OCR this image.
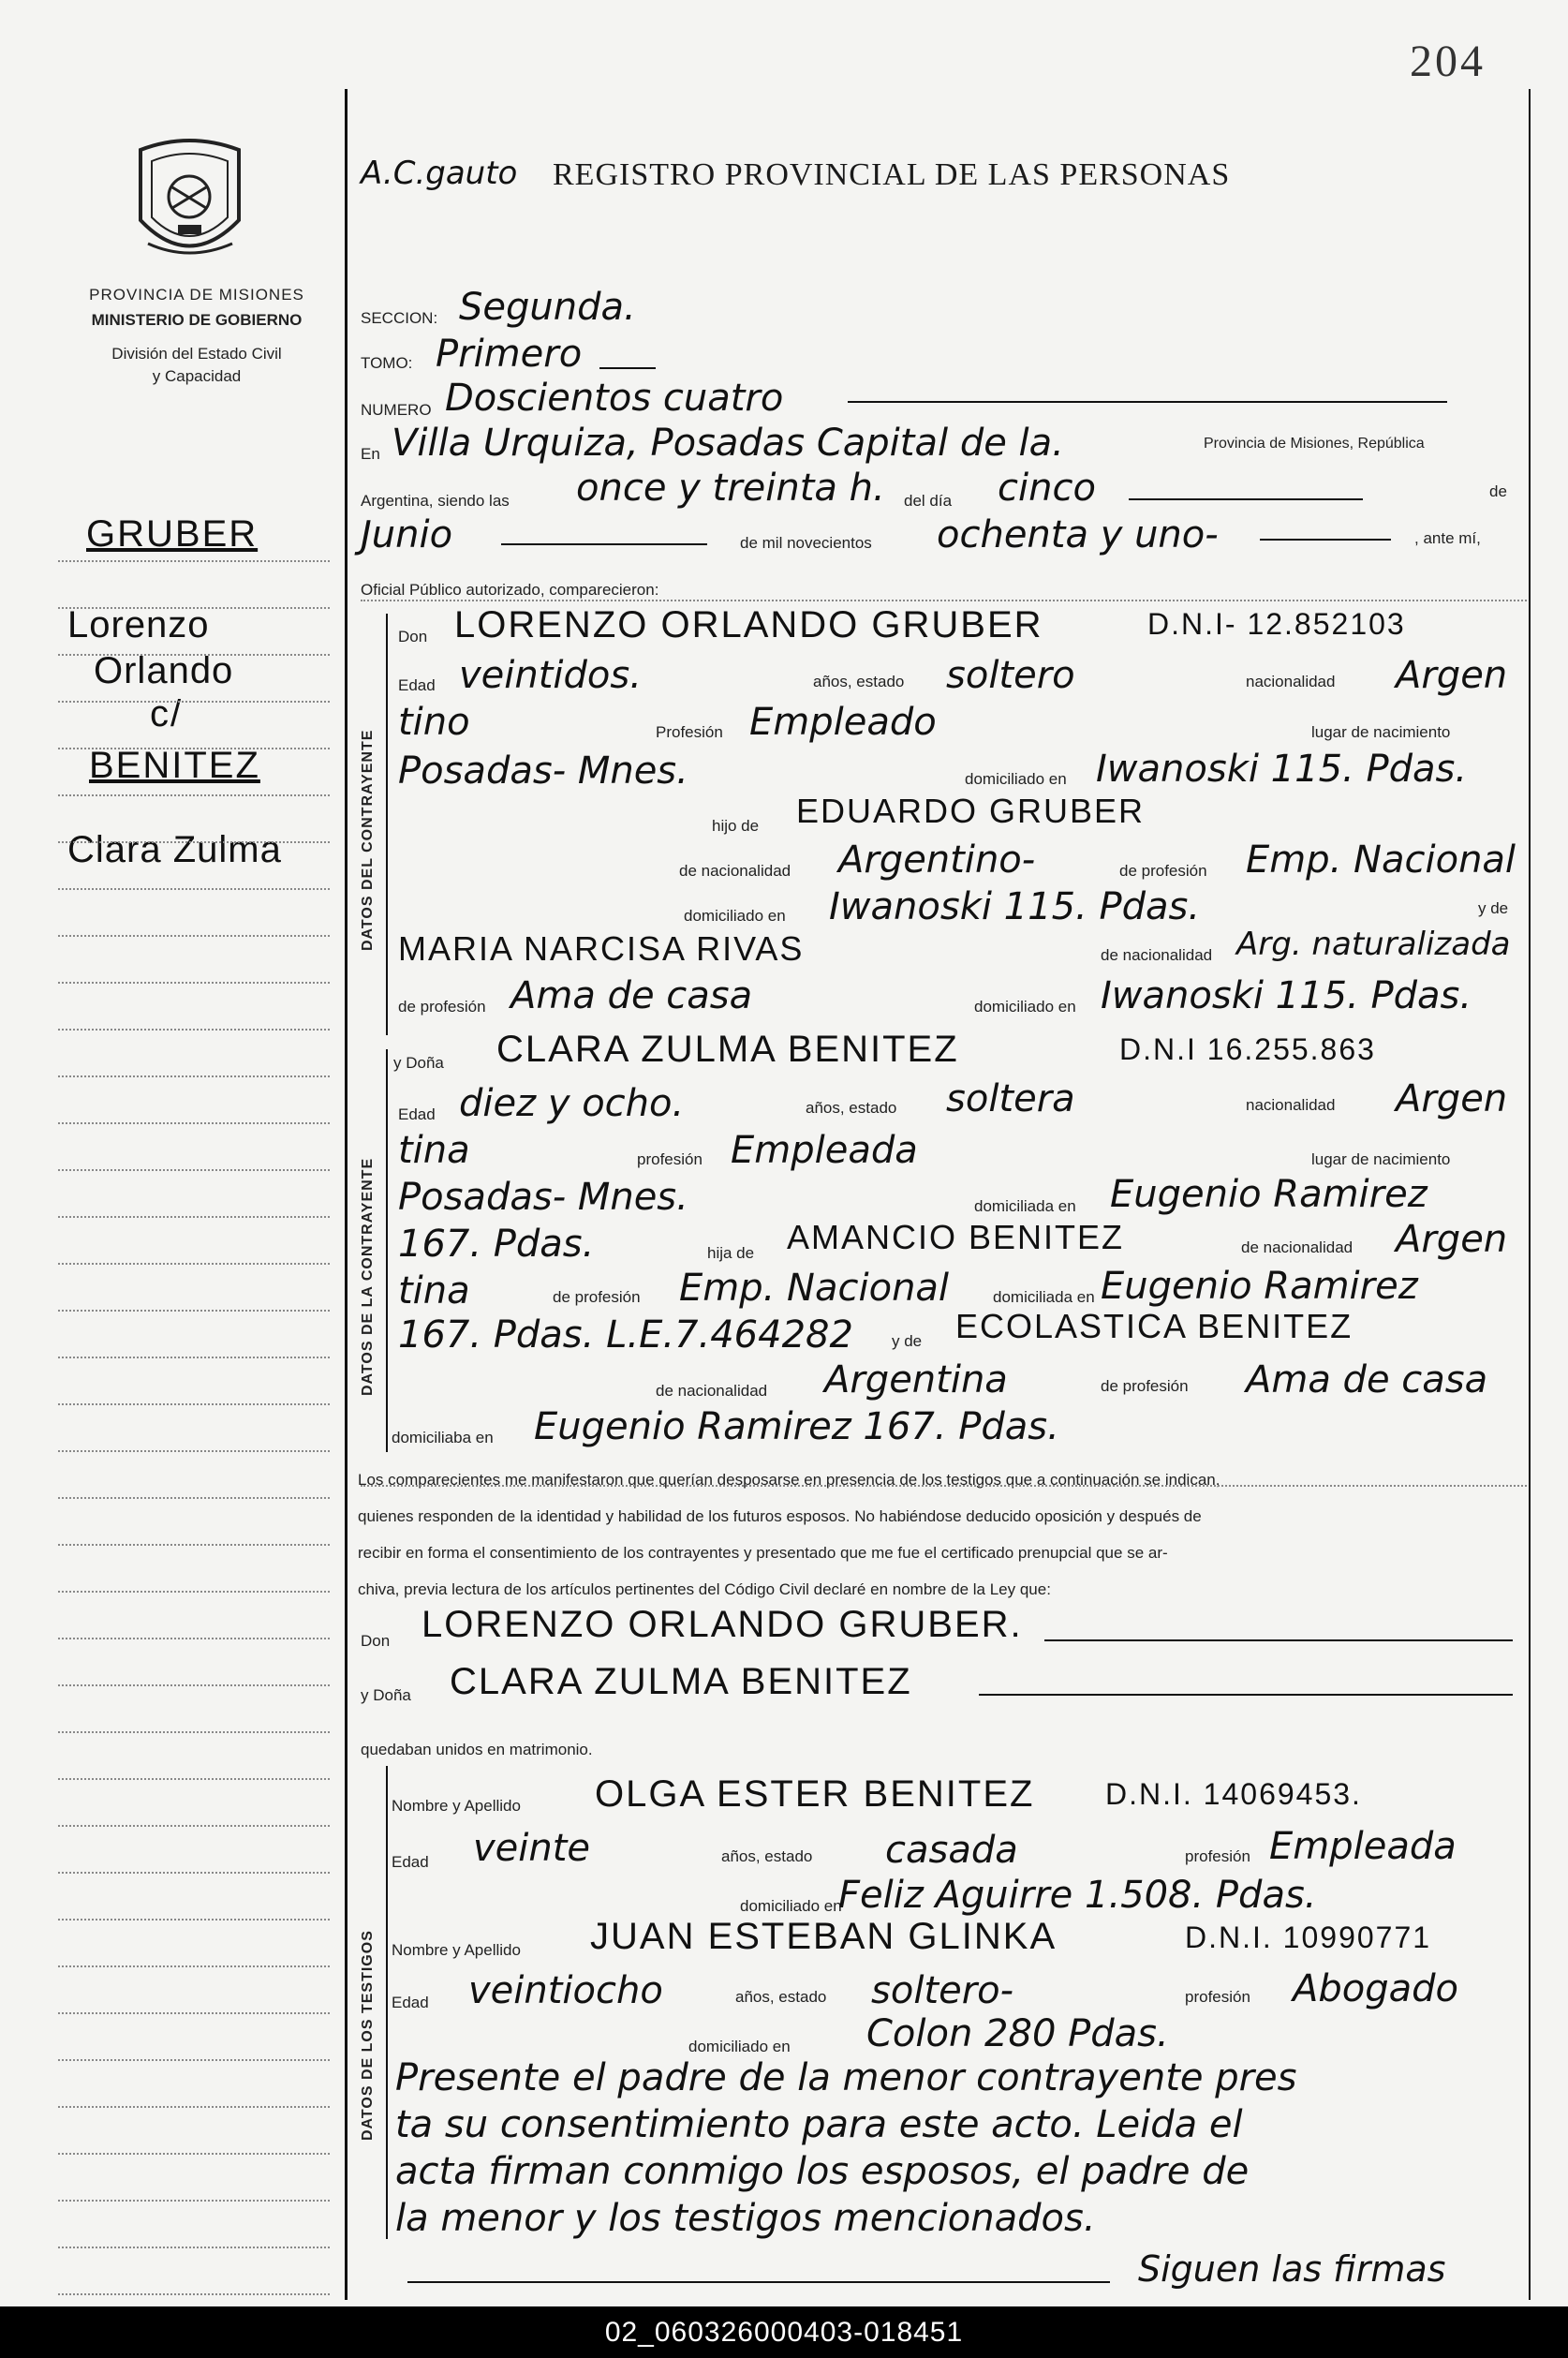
204
PROVINCIA DE MISIONES
MINISTERIO DE GOBIERNO
División del Estado Civil
y Capacidad
GRUBER
Lorenzo
Orlando
c/
BENITEZ
Clara Zulma
A.C.gauto REGISTRO PROVINCIAL DE LAS PERSONAS
SECCION: Segunda.
TOMO: Primero
NUMERO Doscientos cuatro
En Villa Urquiza, Posadas Capital de la.	Provincia de Misiones, República
Argentina, siendo las once y treinta h. del día cinco	de
Junio	de mil novecientos ochenta y uno-	, ante mí,
Oficial Público autorizado, comparecieron:
DATOS DEL CONTRAYENTE
Don LORENZO ORLANDO GRUBER	D.N.I- 12.852103
Edad veintidos.	años, estado soltero	nacionalidad Argen
tino	Profesión Empleado	lugar de nacimiento
Posadas- Mnes.	domiciliado en Iwanoski 115. Pdas.
hijo de EDUARDO GRUBER
de nacionalidad Argentino-	de profesión Emp. Nacional
domiciliado en Iwanoski 115. Pdas.	y de
MARIA NARCISA RIVAS	de nacionalidad Arg. naturalizada
de profesión Ama de casa	domiciliado en Iwanoski 115. Pdas.
DATOS DE LA CONTRAYENTE
y Doña CLARA ZULMA BENITEZ	D.N.I 16.255.863
Edad diez y ocho.	años, estado soltera	nacionalidad Argen
tina	profesión Empleada	lugar de nacimiento
Posadas- Mnes.	domiciliada en Eugenio Ramirez
167. Pdas.	hija de AMANCIO BENITEZ	de nacionalidad Argen
tina	de profesión Emp. Nacional	domiciliada en Eugenio Ramirez
167. Pdas. L.E.7.464282 y de ECOLASTICA BENITEZ
de nacionalidad Argentina	de profesión Ama de casa
domiciliaba en Eugenio Ramirez 167. Pdas.
Los comparecientes me manifestaron que querían desposarse en presencia de los testigos que a continuación se indican,
quienes responden de la identidad y habilidad de los futuros esposos. No habiéndose deducido oposición y después de
recibir en forma el consentimiento de los contrayentes y presentado que me fue el certificado prenupcial que se ar-
chiva, previa lectura de los artículos pertinentes del Código Civil declaré en nombre de la Ley que:
Don LORENZO ORLANDO GRUBER.
y Doña CLARA ZULMA BENITEZ
quedaban unidos en matrimonio.
DATOS DE LOS TESTIGOS
Nombre y Apellido OLGA ESTER BENITEZ D.N.I. 14069453.
Edad veinte	años, estado casada	profesión Empleada
domiciliado en
Feliz Aguirre 1.508. Pdas.
Nombre y Apellido JUAN ESTEBAN GLINKA	D.N.I. 10990771
Edad veintiocho	años, estado soltero-	profesión Abogado
domiciliado en Colon 280 Pdas.
Presente el padre de la menor contrayente pres
ta su consentimiento para este acto. Leida el
acta firman conmigo los esposos, el padre de
la menor y los testigos mencionados.
Siguen las firmas
02_060326000403-018451
